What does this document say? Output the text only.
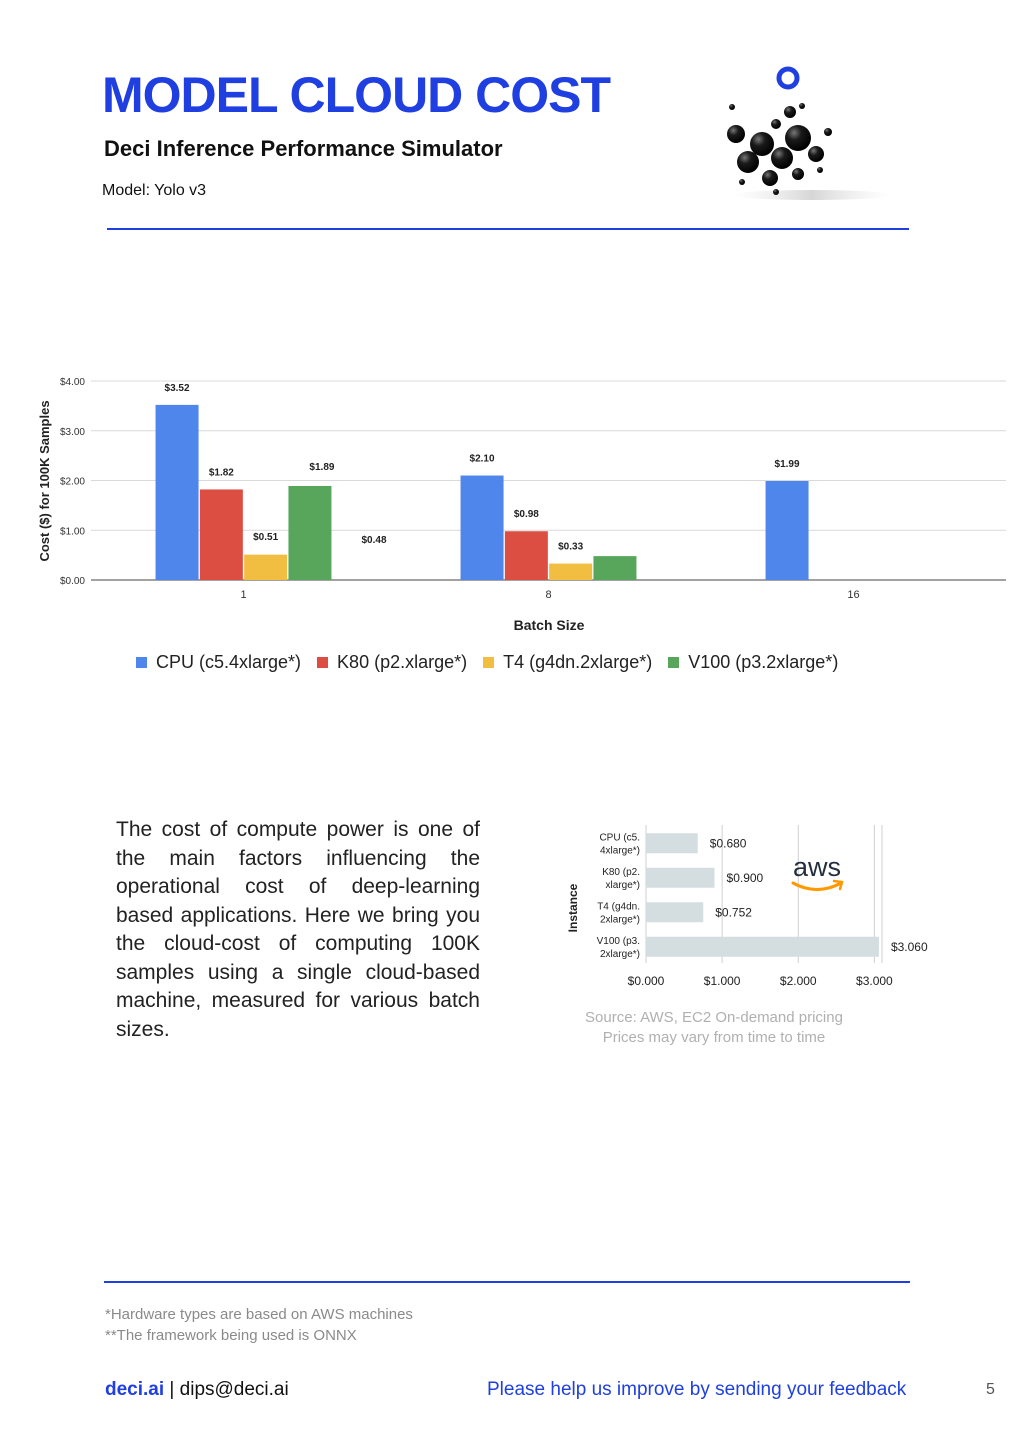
MODEL CLOUD COST
Deci Inference Performance Simulator
Model: Yolo v3
$3.52
$1.82
$0.51
$1.89
$2.10
$0.98
$0.33
$0.48
$1.99
$0.00
$1.00
$2.00
$3.00
$4.00
1	8	16
Cost ($) for 100K Samples
Batch Size
CPU (c5.4xlarge*) K80 (p2.xlarge*) T4 (g4dn.2xlarge*) V100 (p3.2xlarge*)
The cost of compute power is one of the main factors influencing the operational cost of deep-learning based applications. Here we bring you the cloud-cost of computing 100K samples using a single cloud-based machine, measured for various batch sizes.
CPU (c5.
4xlarge*)
K80 (p2.
xlarge*)
T4 (g4dn.
2xlarge*)
V100 (p3.
2xlarge*)
$0.680
$0.900
$0.752
$3.060
$0.000	$1.000	$2.000	$3.000
Instance
aws
Source: AWS, EC2 On-demand pricing
Prices may vary from time to time
*Hardware types are based on AWS machines
**The framework being used is ONNX
deci.ai | dips@deci.ai	Please help us improve by sending your feedback	5
